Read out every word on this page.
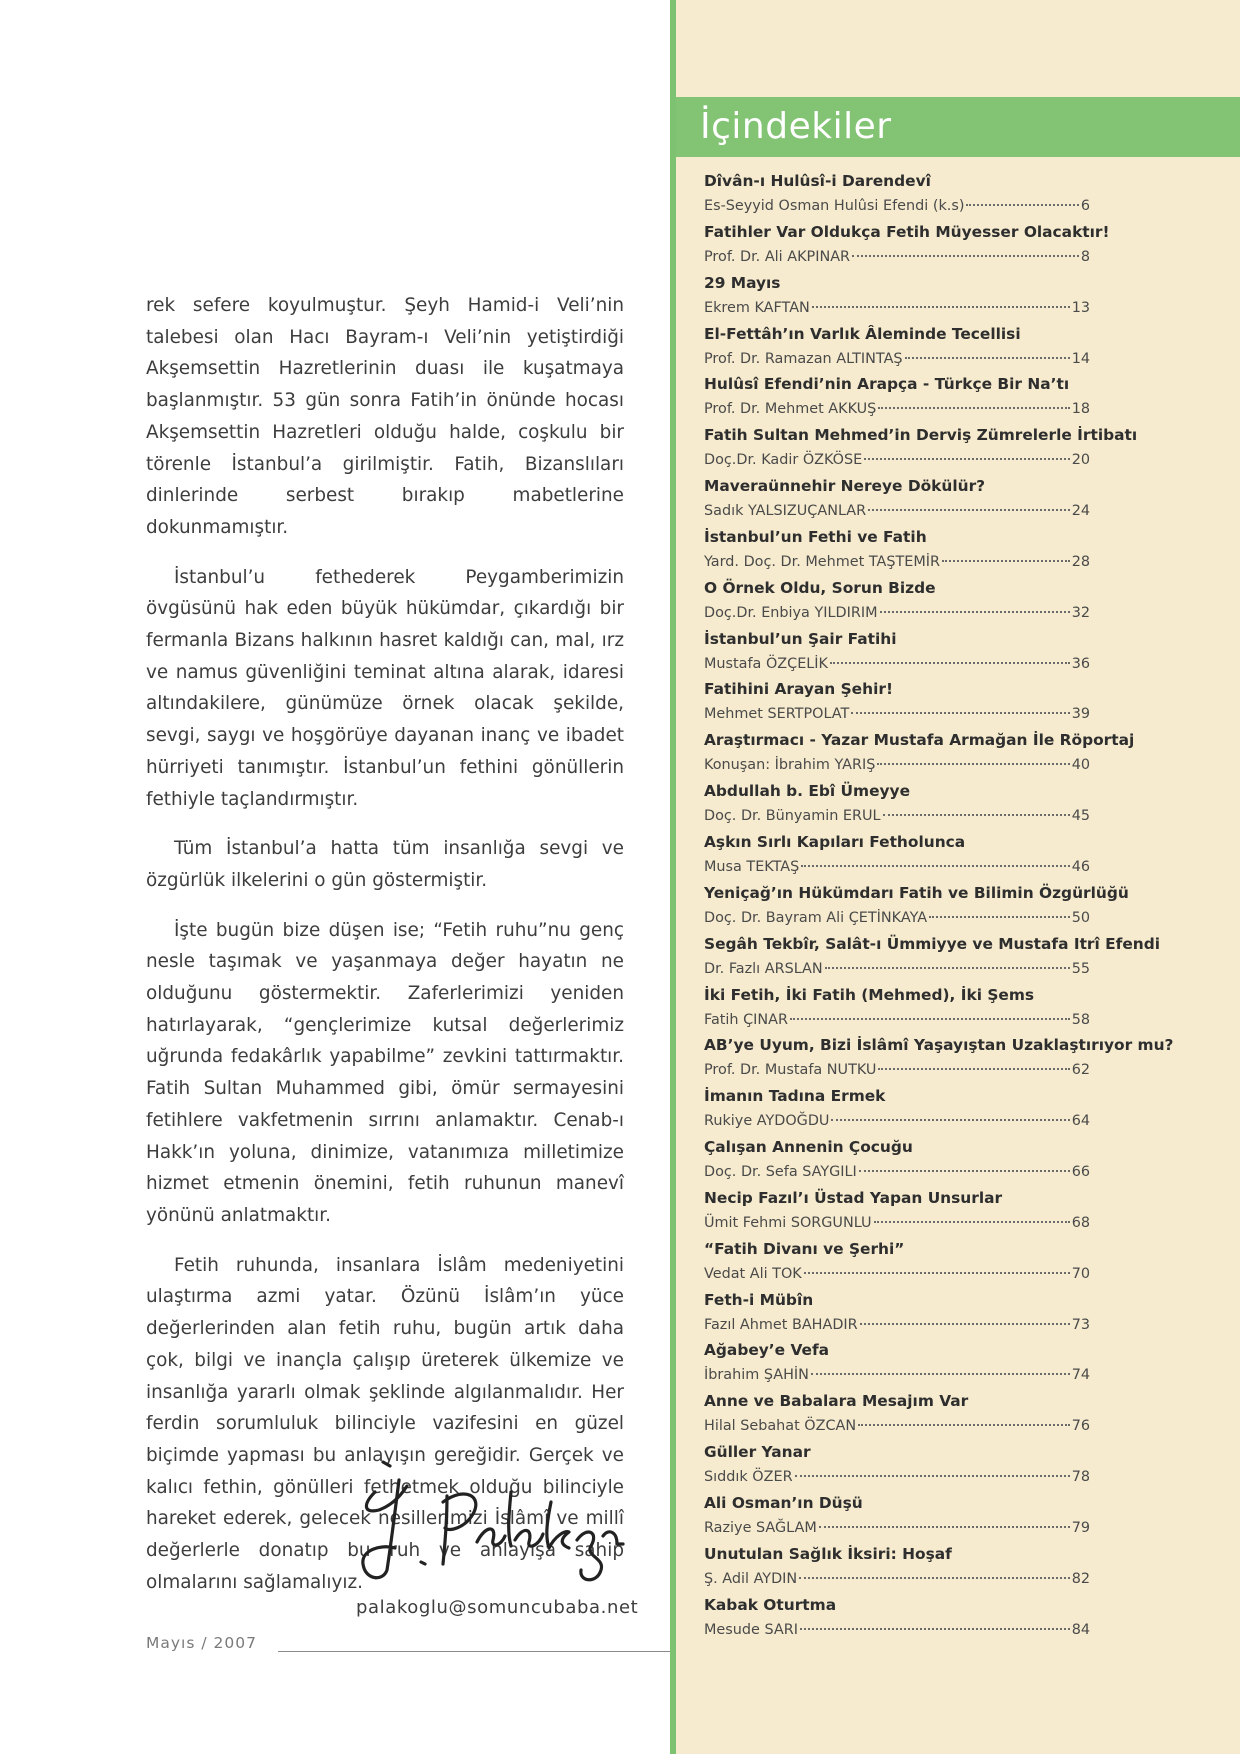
rek sefere koyulmuştur. Şeyh Hamid-i Veli’nin talebesi olan Hacı Bayram-ı Veli’nin yetiştirdiği Akşemsettin Hazretlerinin duası ile kuşatmaya başlanmıştır. 53 gün sonra Fatih’in önünde hocası Akşemsettin Hazretleri olduğu halde, coşkulu bir törenle İstanbul’a girilmiştir. Fatih, Bizanslıları dinlerinde serbest bırakıp mabetlerine dokunmamıştır.

İstanbul’u fethederek Peygamberimizin övgüsünü hak eden büyük hükümdar, çıkardığı bir fermanla Bizans halkının hasret kaldığı can, mal, ırz ve namus güvenliğini teminat altına alarak, idaresi altındakilere, günümüze örnek olacak şekilde, sevgi, saygı ve hoşgörüye dayanan inanç ve ibadet hürriyeti tanımıştır. İstanbul’un fethini gönüllerin fethiyle taçlandırmıştır.

Tüm İstanbul’a hatta tüm insanlığa sevgi ve özgürlük ilkelerini o gün göstermiştir.

İşte bugün bize düşen ise; “Fetih ruhu”nu genç nesle taşımak ve yaşanmaya değer hayatın ne olduğunu göstermektir. Zaferlerimizi yeniden hatırlayarak, “gençlerimize kutsal değerlerimiz uğrunda fedakârlık yapabilme” zevkini tattırmaktır. Fatih Sultan Muhammed gibi, ömür sermayesini fetihlere vakfetmenin sırrını anlamaktır. Cenab-ı Hakk’ın yoluna, dinimize, vatanımıza milletimize hizmet etmenin önemini, fetih ruhunun manevî yönünü anlatmaktır.

Fetih ruhunda, insanlara İslâm medeniyetini ulaştırma azmi yatar. Özünü İslâm’ın yüce değerlerinden alan fetih ruhu, bugün artık daha çok, bilgi ve inançla çalışıp üreterek ülkemize ve insanlığa yararlı olmak şeklinde algılanmalıdır. Her ferdin sorumluluk bilinciyle vazifesini en güzel biçimde yapması bu anlayışın gereğidir. Gerçek ve kalıcı fethin, gönülleri fethetmek olduğu bilinciyle hareket ederek, gelecek nesillerimizi İslâmî ve millî değerlerle donatıp bu ruh ve anlayışa sahip olmalarını sağlamalıyız.

palakoglu@somuncubaba.net
Mayıs / 2007
İçindekiler
Dîvân-ı Hulûsî-i Darendevî
Es-Seyyid Osman Hulûsi Efendi (k.s)	6
Fatihler Var Oldukça Fetih Müyesser Olacaktır!
Prof. Dr. Ali AKPINAR	8
29 Mayıs
Ekrem KAFTAN	13
El-Fettâh’ın Varlık Âleminde Tecellisi
Prof. Dr. Ramazan ALTINTAŞ	14
Hulûsî Efendi’nin Arapça - Türkçe Bir Na’tı
Prof. Dr. Mehmet AKKUŞ	18
Fatih Sultan Mehmed’in Derviş Zümrelerle İrtibatı
Doç.Dr. Kadir ÖZKÖSE	20
Maveraünnehir Nereye Dökülür?
Sadık YALSIZUÇANLAR	24
İstanbul’un Fethi ve Fatih
Yard. Doç. Dr. Mehmet TAŞTEMİR	28
O Örnek Oldu, Sorun Bizde
Doç.Dr. Enbiya YILDIRIM	32
İstanbul’un Şair Fatihi
Mustafa ÖZÇELİK	36
Fatihini Arayan Şehir!
Mehmet SERTPOLAT	39
Araştırmacı - Yazar Mustafa Armağan İle Röportaj
Konuşan: İbrahim YARIŞ	40
Abdullah b. Ebî Ümeyye
Doç. Dr. Bünyamin ERUL	45
Aşkın Sırlı Kapıları Fetholunca
Musa TEKTAŞ	46
Yeniçağ’ın Hükümdarı Fatih ve Bilimin Özgürlüğü
Doç. Dr. Bayram Ali ÇETİNKAYA	50
Segâh Tekbîr, Salât-ı Ümmiyye ve Mustafa Itrî Efendi
Dr. Fazlı ARSLAN	55
İki Fetih, İki Fatih (Mehmed), İki Şems
Fatih ÇINAR	58
AB’ye Uyum, Bizi İslâmî Yaşayıştan Uzaklaştırıyor mu?
Prof. Dr. Mustafa NUTKU	62
İmanın Tadına Ermek
Rukiye AYDOĞDU	64
Çalışan Annenin Çocuğu
Doç. Dr. Sefa SAYGILI	66
Necip Fazıl’ı Üstad Yapan Unsurlar
Ümit Fehmi SORGUNLU	68
“Fatih Divanı ve Şerhi”
Vedat Ali TOK	70
Feth-i Mübîn
Fazıl Ahmet BAHADIR	73
Ağabey’e Vefa
İbrahim ŞAHİN	74
Anne ve Babalara Mesajım Var
Hilal Sebahat ÖZCAN	76
Güller Yanar
Sıddık ÖZER	78
Ali Osman’ın Düşü
Raziye SAĞLAM	79
Unutulan Sağlık İksiri: Hoşaf
Ş. Adil AYDIN	82
Kabak Oturtma
Mesude SARI	84
